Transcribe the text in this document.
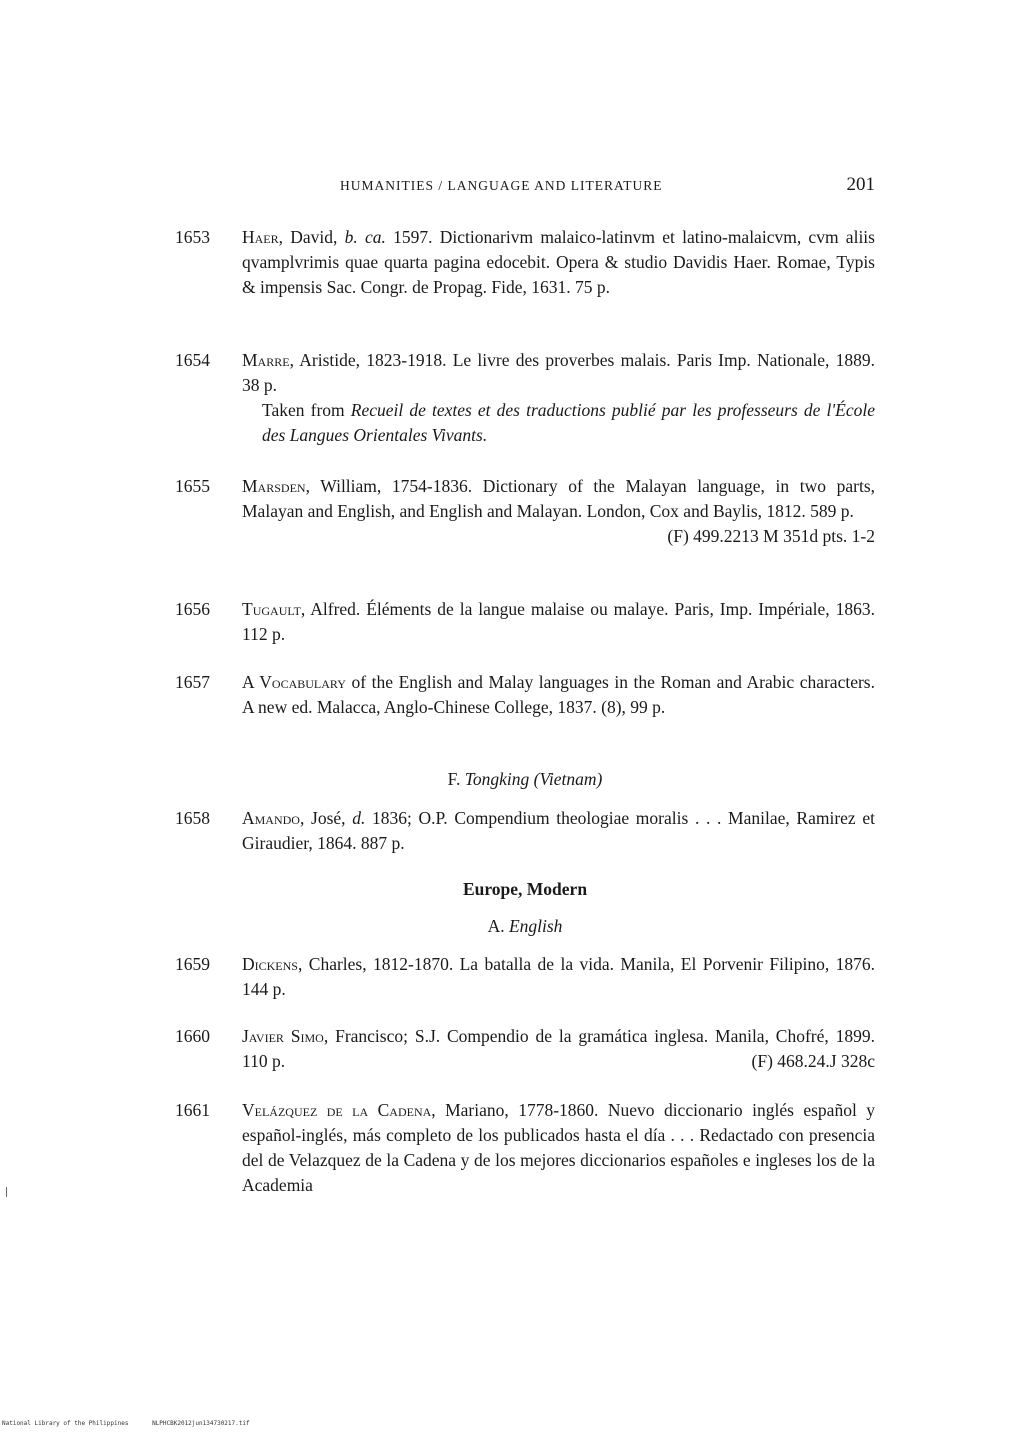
HUMANITIES / LANGUAGE AND LITERATURE	201
1653	Haer, David, b. ca. 1597. Dictionarivm malaico-latinvm et latino-malaicvm, cvm aliis qvamplvrimis quae quarta pagina edocebit. Opera & studio Davidis Haer. Romae, Typis & impensis Sac. Congr. de Propag. Fide, 1631. 75 p.
1654	Marre, Aristide, 1823-1918. Le livre des proverbes malais. Paris Imp. Nationale, 1889. 38 p.
Taken from Recueil de textes et des traductions publié par les professeurs de l'École des Langues Orientales Vivants.
1655	Marsden, William, 1754-1836. Dictionary of the Malayan language, in two parts, Malayan and English, and English and Malayan. London, Cox and Baylis, 1812. 589 p.
(F) 499.2213 M 351d pts. 1-2
1656	Tugault, Alfred. Éléments de la langue malaise ou malaye. Paris, Imp. Impériale, 1863. 112 p.
1657	A Vocabulary of the English and Malay languages in the Roman and Arabic characters. A new ed. Malacca, Anglo-Chinese College, 1837. (8), 99 p.
F. Tongking (Vietnam)
1658	Amando, José, d. 1836; O.P. Compendium theologiae moralis . . . Manilae, Ramirez et Giraudier, 1864. 887 p.
Europe, Modern
A. English
1659	Dickens, Charles, 1812-1870. La batalla de la vida. Manila, El Porvenir Filipino, 1876. 144 p.
1660	Javier Simo, Francisco; S.J. Compendio de la gramática inglesa. Manila, Chofré, 1899. 110 p.	(F) 468.24.J 328c
1661	Velázquez de la Cadena, Mariano, 1778-1860. Nuevo diccionario inglés español y español-inglés, más completo de los publicados hasta el día . . . Redactado con presencia del de Velazquez de la Cadena y de los mejores diccionarios españoles e ingleses los de la Academia
National Library of the Philippines	NLPHCBK2012jun134730217.tif
